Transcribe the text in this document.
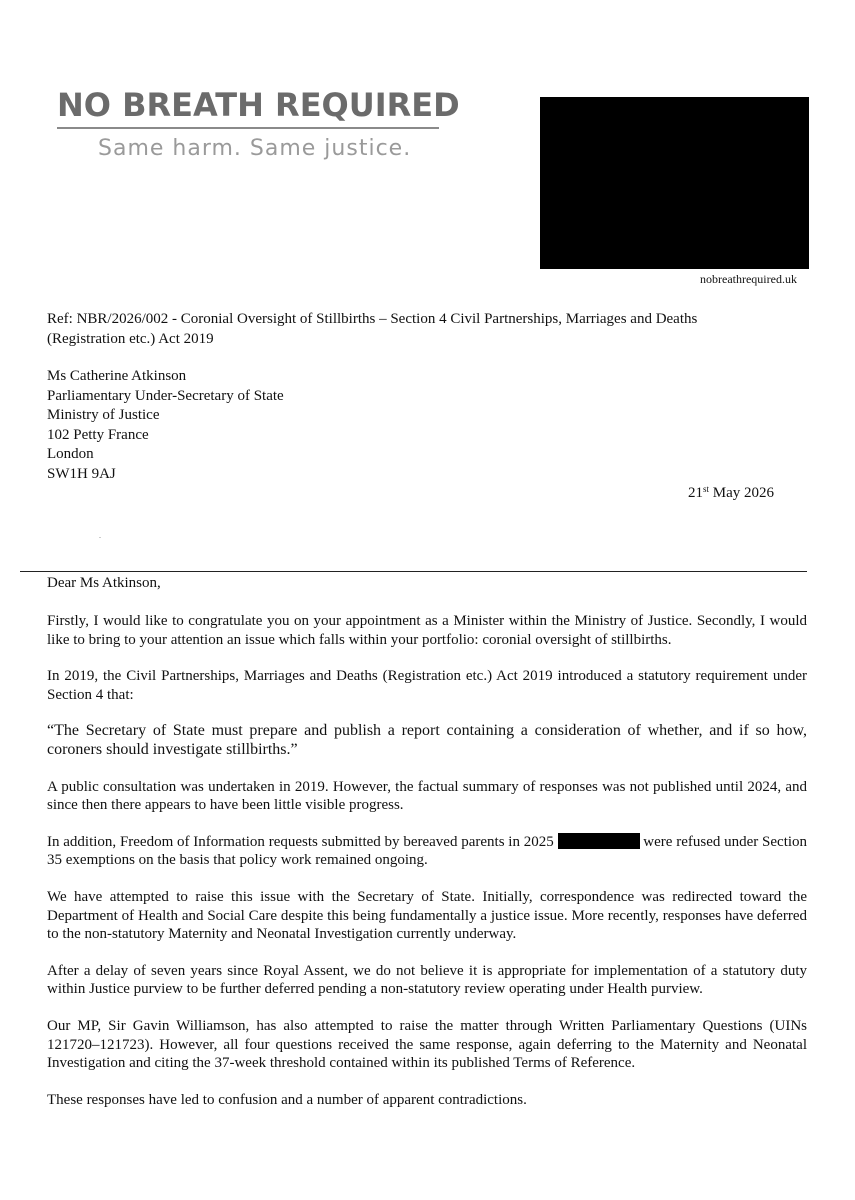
NO BREATH REQUIRED
Same harm. Same justice.
nobreathrequired.uk
Ref: NBR/2026/002 - Coronial Oversight of Stillbirths – Section 4 Civil Partnerships, Marriages and Deaths (Registration etc.) Act 2019
Ms Catherine Atkinson
Parliamentary Under-Secretary of State
Ministry of Justice
102 Petty France
London
SW1H 9AJ
21st May 2026
Dear Ms Atkinson,

Firstly, I would like to congratulate you on your appointment as a Minister within the Ministry of Justice. Secondly, I would like to bring to your attention an issue which falls within your portfolio: coronial oversight of stillbirths.

In 2019, the Civil Partnerships, Marriages and Deaths (Registration etc.) Act 2019 introduced a statutory requirement under Section 4 that:

“The Secretary of State must prepare and publish a report containing a consideration of whether, and if so how, coroners should investigate stillbirths.”

A public consultation was undertaken in 2019. However, the factual summary of responses was not published until 2024, and since then there appears to have been little visible progress.

In addition, Freedom of Information requests submitted by bereaved parents in 2025	were refused under Section 35 exemptions on the basis that policy work remained ongoing.

We have attempted to raise this issue with the Secretary of State. Initially, correspondence was redirected toward the Department of Health and Social Care despite this being fundamentally a justice issue. More recently, responses have deferred to the non-statutory Maternity and Neonatal Investigation currently underway.

After a delay of seven years since Royal Assent, we do not believe it is appropriate for implementation of a statutory duty within Justice purview to be further deferred pending a non-statutory review operating under Health purview.

Our MP, Sir Gavin Williamson, has also attempted to raise the matter through Written Parliamentary Questions (UINs 121720–121723). However, all four questions received the same response, again deferring to the Maternity and Neonatal Investigation and citing the 37-week threshold contained within its published Terms of Reference.

These responses have led to confusion and a number of apparent contradictions.
